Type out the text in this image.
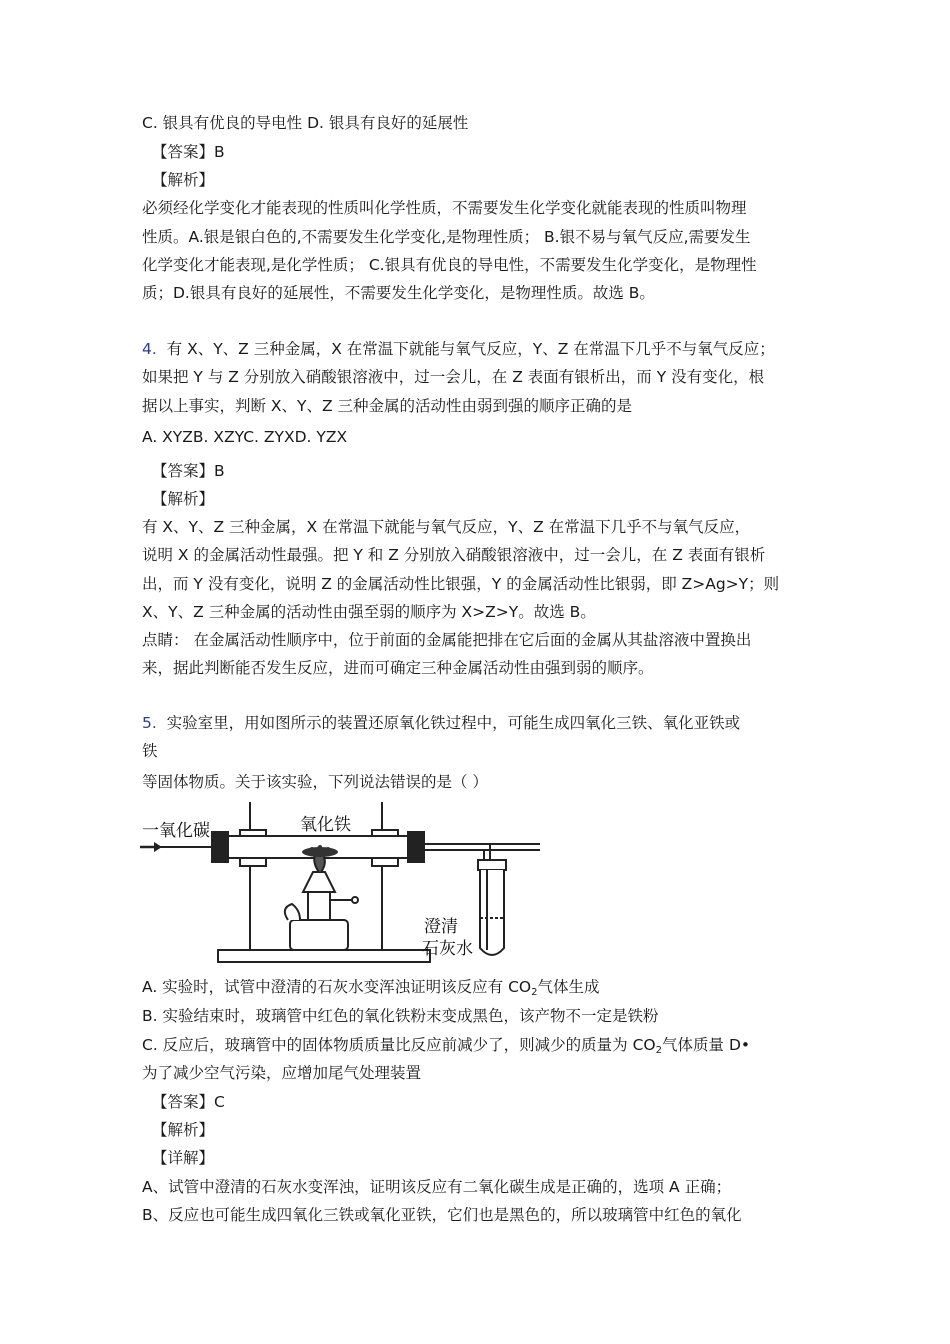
C. 银具有优良的导电性 D. 银具有良好的延展性
【答案】B
【解析】
必须经化学变化才能表现的性质叫化学性质，不需要发生化学变化就能表现的性质叫物理
性质。A.银是银白色的,不需要发生化学变化,是物理性质； B.银不易与氧气反应,需要发生
化学变化才能表现,是化学性质； C.银具有优良的导电性，不需要发生化学变化，是物理性
质；D.银具有良好的延展性，不需要发生化学变化，是物理性质。故选 B。
4. 有 X、Y、Z 三种金属，X 在常温下就能与氧气反应，Y、Z 在常温下几乎不与氧气反应；
如果把 Y 与 Z 分别放入硝酸银溶液中，过一会儿，在 Z 表面有银析出，而 Y 没有变化，根
据以上事实，判断 X、Y、Z 三种金属的活动性由弱到强的顺序正确的是
A. XYZB. XZYC. ZYXD. YZX
【答案】B
【解析】
有 X、Y、Z 三种金属，X 在常温下就能与氧气反应，Y、Z 在常温下几乎不与氧气反应，
说明 X 的金属活动性最强。把 Y 和 Z 分别放入硝酸银溶液中，过一会儿，在 Z 表面有银析
出，而 Y 没有变化，说明 Z 的金属活动性比银强，Y 的金属活动性比银弱，即 Z>Ag>Y；则
X、Y、Z 三种金属的活动性由强至弱的顺序为 X>Z>Y。故选 B。
点睛： 在金属活动性顺序中，位于前面的金属能把排在它后面的金属从其盐溶液中置换出
来，据此判断能否发生反应，进而可确定三种金属活动性由强到弱的顺序。
5. 实验室里，用如图所示的装置还原氧化铁过程中，可能生成四氧化三铁、氧化亚铁或
铁
等固体物质。关于该实验，下列说法错误的是（ ）
一氧化碳	氧化铁
澄清
石灰水
A. 实验时，试管中澄清的石灰水变浑浊证明该反应有 $CO_2$气体生成
B. 实验结束时，玻璃管中红色的氧化铁粉末变成黑色，该产物不一定是铁粉
C. 反应后，玻璃管中的固体物质质量比反应前减少了，则减少的质量为 $CO_2$气体质量 D•
为了减少空气污染，应增加尾气处理装置
【答案】C
【解析】
【详解】
A、试管中澄清的石灰水变浑浊，证明该反应有二氧化碳生成是正确的，选项 A 正确；
B、反应也可能生成四氧化三铁或氧化亚铁，它们也是黑色的，所以玻璃管中红色的氧化
